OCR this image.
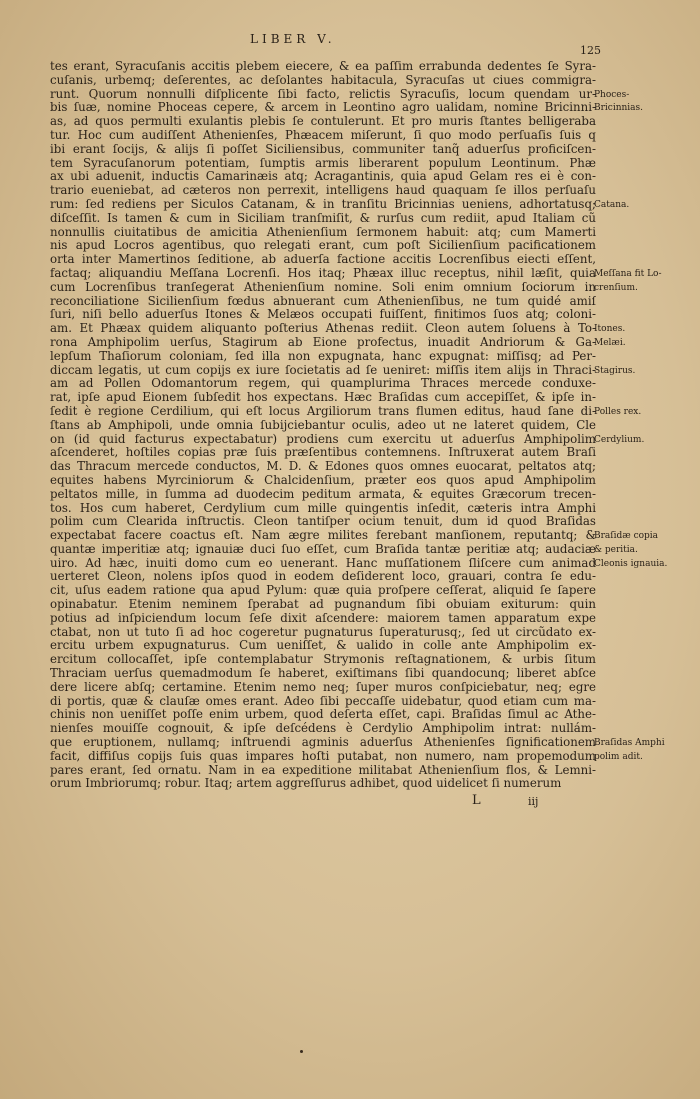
LIBER V.
125
tes erant, Syracuſanis accitis plebem eiecere, & ea paſſim errabunda dedentes ſe Syra-
cuſanis, urbemq; deſerentes, ac deſolantes habitacula, Syracuſas ut ciues commigra-
runt. Quorum nonnulli diſplicente ſibi facto, relictis Syracuſis, locum quendam ur-
bis ſuæ, nomine Phoceas cepere, & arcem in Leontino agro ualidam, nomine Bricinni-
as, ad quos permulti exulantis plebis ſe contulerunt. Et pro muris ſtantes belligeraba
tur. Hoc cum audiſſent Athenienſes, Phæacem miſerunt, ſi quo modo perſuaſis ſuis q
ibi erant ſocijs, & alijs ſi poſſet Siciliensibus, communiter tanq̃ aduerſus proficiſcen-
tem Syracuſanorum potentiam, ſumptis armis liberarent populum Leontinum. Phæ
ax ubi aduenit, inductis Camarinæis atq; Acragantinis, quia apud Gelam res ei è con-
trario eueniebat, ad cæteros non perrexit, intelligens haud quaquam ſe illos perſuaſu
rum: ſed rediens per Siculos Catanam, & in tranſitu Bricinnias ueniens, adhortatusq;
diſceſſit. Is tamen & cum in Siciliam tranſmiſit, & rurſus cum rediit, apud Italiam cũ
nonnullis ciuitatibus de amicitia Athenienſium ſermonem habuit: atq; cum Mamerti
nis apud Locros agentibus, quo relegati erant, cum poſt Sicilienſium pacificationem
orta inter Mamertinos ſeditione, ab aduerſa factione accitis Locrenſibus eiecti eſſent,
factaq; aliquandiu Meſſana Locrenſi. Hos itaq; Phæax illuc receptus, nihil læſit, quia
cum Locrenſibus tranſegerat Athenienſium nomine. Soli enim omnium ſociorum in
reconciliatione Sicilienſium fœdus abnuerant cum Athenienſibus, ne tum quidé amiſ
ſuri, niſi bello aduerſus Itones & Melæos occupati fuiſſent, finitimos ſuos atq; coloni-
am. Et Phæax quidem aliquanto poſterius Athenas rediit. Cleon autem ſoluens à To-
rona Amphipolim uerſus, Stagirum ab Eione profectus, inuadit Andriorum & Ga-
lepſum Thaſiorum coloniam, ſed illa non expugnata, hanc expugnat: miſſisq; ad Per-
diccam legatis, ut cum copijs ex iure ſocietatis ad ſe ueniret: miſſis item alijs in Thraci-
am ad Pollen Odomantorum regem, qui quamplurima Thraces mercede conduxe-
rat, ipſe apud Eionem ſubſedit hos expectans. Hæc Braſidas cum accepiſſet, & ipſe in-
ſedit è regione Cerdilium, qui eſt locus Argiliorum trans flumen editus, haud ſane di-
ſtans ab Amphipoli, unde omnia ſubijciebantur oculis, adeo ut ne lateret quidem, Cle
on (id quid facturus expectabatur) prodiens cum exercitu ut aduerſus Amphipolim
aſcenderet, hoſtiles copias præ ſuis præſentibus contemnens. Inſtruxerat autem Braſi
das Thracum mercede conductos, M. D. & Edones quos omnes euocarat, peltatos atq;
equites habens Myrciniorum & Chalcidenſium, præter eos quos apud Amphipolim
peltatos mille, in ſumma ad duodecim peditum armata, & equites Græcorum trecen-
tos. Hos cum haberet, Cerdylium cum mille quingentis inſedit, cæteris intra Amphi
polim cum Clearida inſtructis. Cleon tantiſper ocium tenuit, dum id quod Braſidas
expectabat facere coactus eſt. Nam ægre milites ferebant manſionem, reputantq; &
quantæ imperitiæ atq; ignauiæ duci ſuo eſſet, cum Braſida tantæ peritiæ atq; audaciæ
uiro. Ad hæc, inuiti domo cum eo uenerant. Hanc muſſationem ſliſcere cum animad
uerteret Cleon, nolens ipſos quod in eodem deſiderent loco, grauari, contra ſe edu-
cit, uſus eadem ratione qua apud Pylum: quæ quia proſpere ceſſerat, aliquid ſe ſapere
opinabatur. Etenim neminem ſperabat ad pugnandum ſibi obuiam exiturum: quin
potius ad inſpiciendum locum ſeſe dixit aſcendere: maiorem tamen apparatum expe
ctabat, non ut tuto ſi ad hoc cogeretur pugnaturus ſuperaturusq;, ſed ut circũdato ex-
ercitu urbem expugnaturus. Cum ueniſſet, & ualido in colle ante Amphipolim ex-
ercitum collocaſſet, ipſe contemplabatur Strymonis reſtagnationem, & urbis ſitum
Thraciam uerſus quemadmodum ſe haberet, exiſtimans ſibi quandocunq; liberet abſce
dere licere abſq; certamine. Etenim nemo neq; ſuper muros conſpiciebatur, neq; egre
di portis, quæ & clauſæ omes erant. Adeo ſibi peccaſſe uidebatur, quod etiam cum ma-
chinis non ueniſſet poſſe enim urbem, quod deſerta eſſet, capi. Braſidas ſimul ac Athe-
nienſes mouiſſe cognouit, & ipſe deſcédens è Cerdylio Amphipolim intrat: nullám-
que eruptionem, nullamq; inſtruendi agminis aduerſus Athenienſes ſignificationem
facit, diffiſus copijs ſuis quas impares hoſti putabat, non numero, nam propemodum
pares erant, ſed ornatu. Nam in ea expeditione militabat Athenienſium flos, & Lemni-
orum Imbriorumq; robur. Itaq; artem aggreſſurus adhibet, quod uidelicet ſi numerum
Phoces-
Bricinnias.
Catana.
Meſſana fit Lo-
crenſium.
Itones.
Melæi.
Stagirus.
Polles rex.
Cerdylium.
Braſidæ copia
& peritia.
Cleonis ignauia.
Braſidas Amphi
polim adit.
L	iij
